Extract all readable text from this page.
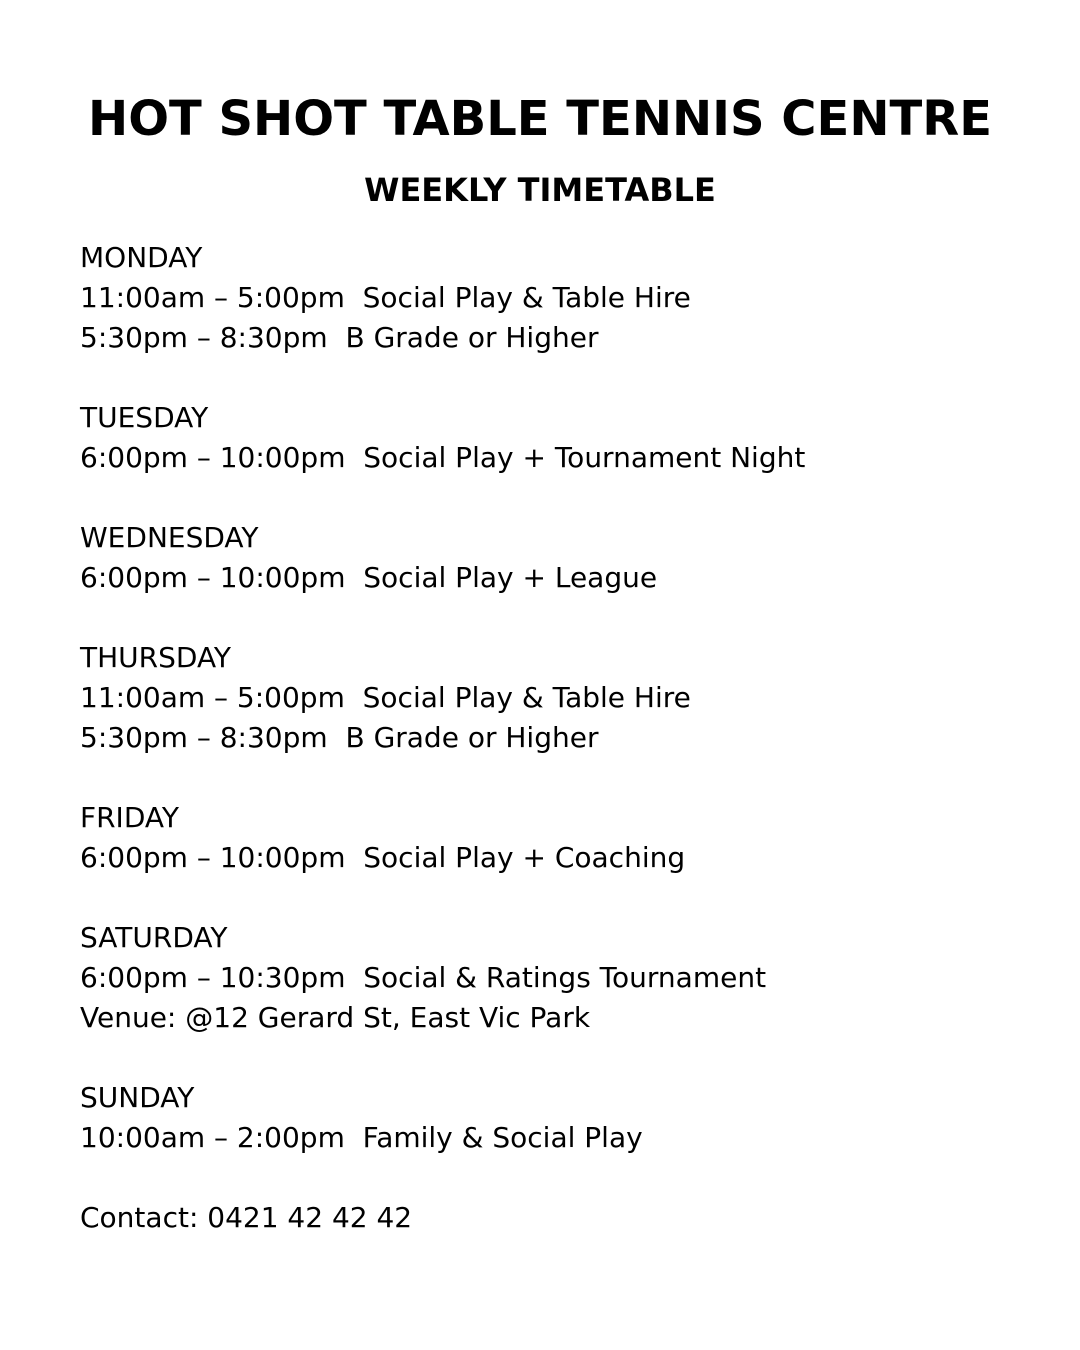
HOT SHOT TABLE TENNIS CENTRE
WEEKLY TIMETABLE
MONDAY
11:00am – 5:00pm  Social Play & Table Hire
5:30pm – 8:30pm  B Grade or Higher
TUESDAY
6:00pm – 10:00pm  Social Play + Tournament Night
WEDNESDAY
6:00pm – 10:00pm  Social Play + League
THURSDAY
11:00am – 5:00pm  Social Play & Table Hire
5:30pm – 8:30pm  B Grade or Higher
FRIDAY
6:00pm – 10:00pm  Social Play + Coaching
SATURDAY
6:00pm – 10:30pm  Social & Ratings Tournament
Venue: @12 Gerard St, East Vic Park
SUNDAY
10:00am – 2:00pm  Family & Social Play
Contact: 0421 42 42 42
